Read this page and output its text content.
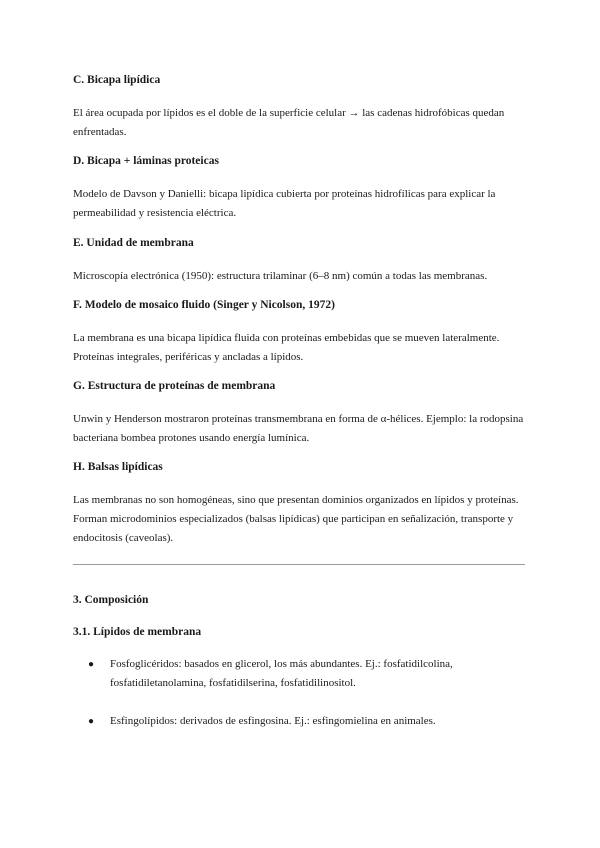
C. Bicapa lipídica

El área ocupada por lípidos es el doble de la superficie celular → las cadenas hidrofóbicas quedan enfrentadas.

D. Bicapa + láminas proteicas

Modelo de Davson y Danielli: bicapa lipídica cubierta por proteínas hidrofílicas para explicar la permeabilidad y resistencia eléctrica.

E. Unidad de membrana

Microscopía electrónica (1950): estructura trilaminar (6–8 nm) común a todas las membranas.

F. Modelo de mosaico fluido (Singer y Nicolson, 1972)

La membrana es una bicapa lipídica fluida con proteínas embebidas que se mueven lateralmente. Proteínas integrales, periféricas y ancladas a lípidos.

G. Estructura de proteínas de membrana

Unwin y Henderson mostraron proteínas transmembrana en forma de α-hélices. Ejemplo: la rodopsina bacteriana bombea protones usando energía lumínica.

H. Balsas lipídicas

Las membranas no son homogéneas, sino que presentan dominios organizados en lípidos y proteínas. Forman microdominios especializados (balsas lipídicas) que participan en señalización, transporte y endocitosis (caveolas).

3. Composición
3.1. Lípidos de membrana
● Fosfoglicéridos: basados en glicerol, los más abundantes. Ej.: fosfatidilcolina, fosfatidiletanolamina, fosfatidilserina, fosfatidilinositol.
● Esfingolípidos: derivados de esfingosina. Ej.: esfingomielina en animales.
